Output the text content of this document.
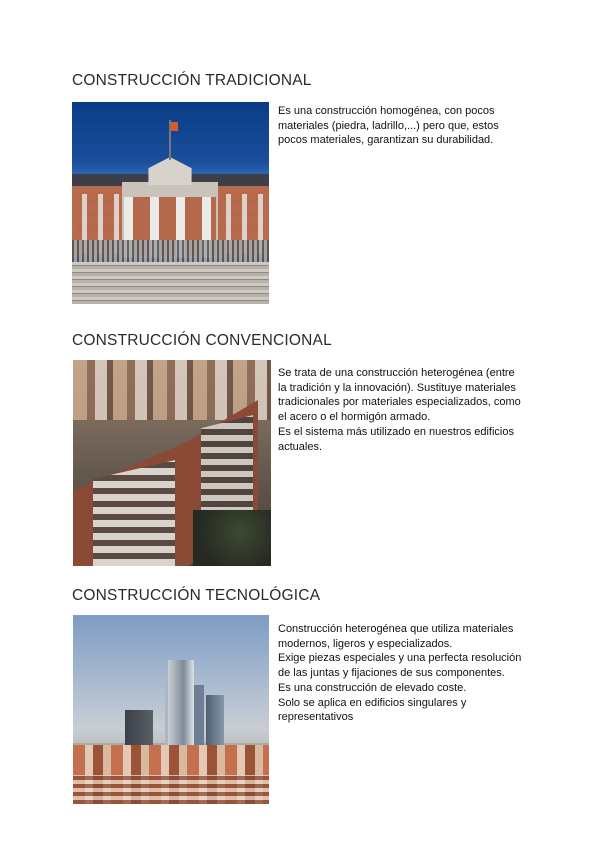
CONSTRUCCIÓN TRADICIONAL

Es una construcción homogénea, con pocos
materiales (piedra, ladrillo,...) pero que, estos
pocos materiales, garantizan su durabilidad.

CONSTRUCCIÓN CONVENCIONAL

Se trata de una construcción heterogénea (entre
la tradición y la innovación). Sustituye materiales
tradicionales por materiales especializados, como
el acero o el hormigón armado.
Es el sistema más utilizado en nuestros edificios
actuales.

CONSTRUCCIÓN TECNOLÓGICA

Construcción heterogénea que utiliza materiales
modernos, ligeros y especializados.
Exige piezas especiales y una perfecta resolución
de las juntas y fijaciones de sus componentes.
Es una construcción de elevado coste.
Solo se aplica en edificios singulares y
representativos
